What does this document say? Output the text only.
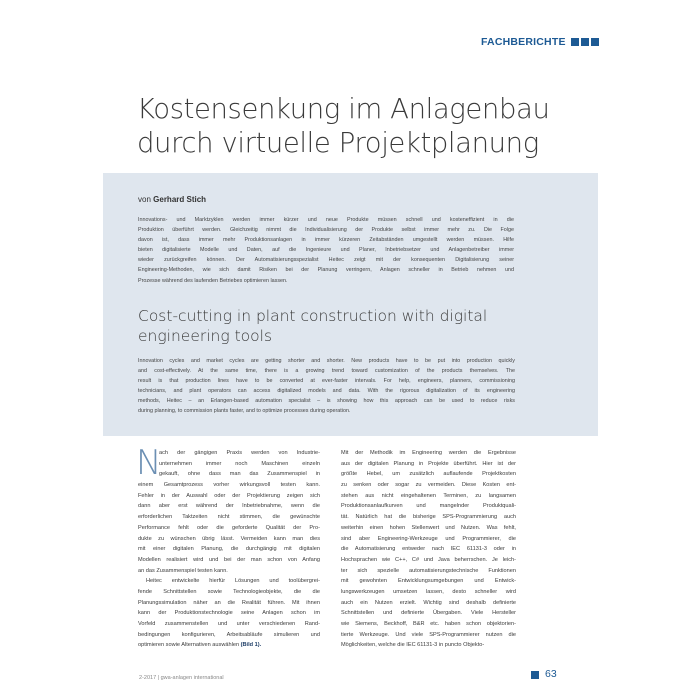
FACHBERICHTE
Kostensenkung im Anlagenbau
durch virtuelle Projektplanung
von Gerhard Stich
Innovations- und Marktzyklen werden immer kürzer und neue Produkte müssen schnell und kosteneffizient in die
Produktion überführt werden. Gleichzeitig nimmt die Individualisierung der Produkte selbst immer mehr zu. Die Folge
davon ist, dass immer mehr Produktionsanlagen in immer kürzeren Zeitabständen umgestellt werden müssen. Hilfe
bieten digitalisierte Modelle und Daten, auf die Ingenieure und Planer, Inbetriebsetzer und Anlagenbetreiber immer
wieder zurückgreifen können. Der Automatisierungsspezialist Heitec zeigt mit der konsequenten Digitalisierung seiner
Engineering-Methoden, wie sich damit Risiken bei der Planung verringern, Anlagen schneller in Betrieb nehmen und
Prozesse während des laufenden Betriebes optimieren lassen.
Cost-cutting in plant construction with digital
engineering tools
Innovation cycles and market cycles are getting shorter and shorter. New products have to be put into production quickly
and cost-effectively. At the same time, there is a growing trend toward customization of the products themselves. The
result is that production lines have to be converted at ever-faster intervals. For help, engineers, planners, commissioning
technicians, and plant operators can access digitalized models and data. With the rigorous digitalization of its engineering
methods, Heitec – an Erlangen-based automation specialist – is showing how this approach can be used to reduce risks
during planning, to commission plants faster, and to optimize processes during operation.
N
ach der gängigen Praxis werden von Industrie-
unternehmen immer noch Maschinen einzeln
gekauft, ohne dass man das Zusammenspiel in
einem Gesamtprozess vorher wirkungsvoll testen kann.
Fehler in der Auswahl oder der Projektierung zeigen sich
dann aber erst während der Inbetriebnahme, wenn die
erforderlichen Taktzeiten nicht stimmen, die gewünschte
Performance fehlt oder die geforderte Qualität der Pro-
dukte zu wünschen übrig lässt. Vermeiden kann man dies
mit einer digitalen Planung, die durchgängig mit digitalen
Modellen realisiert wird und bei der man schon von Anfang
an das Zusammenspiel testen kann.
Heitec entwickelte hierfür Lösungen und toolübergrei-
fende Schnittstellen sowie Technologieobjekte, die die
Planungssimulation näher an die Realität führen. Mit ihnen
kann der Produktionstechnologie seine Anlagen schon im
Vorfeld zusammenstellen und unter verschiedenen Rand-
bedingungen konfigurieren, Arbeitsabläufe simulieren und
optimieren sowie Alternativen auswählen (Bild 1).
Mit der Methodik im Engineering werden die Ergebnisse
aus der digitalen Planung in Projekte überführt. Hier ist der
größte Hebel, um zusätzlich auflaufende Projektkosten
zu senken oder sogar zu vermeiden. Diese Kosten ent-
stehen aus nicht eingehaltenen Terminen, zu langsamen
Produktionsanlaufkurven und mangelnder Produktquali-
tät. Natürlich hat die bisherige SPS-Programmierung auch
weiterhin einen hohen Stellenwert und Nutzen. Was fehlt,
sind aber Engineering-Werkzeuge und Programmierer, die
die Automatisierung entweder nach IEC 61131-3 oder in
Hochsprachen wie C++, C# und Java beherrschen. Je leich-
ter sich spezielle automatisierungstechnische Funktionen
mit gewohnten Entwicklungsumgebungen und Entwick-
lungswerkzeugen umsetzen lassen, desto schneller wird
auch ein Nutzen erzielt. Wichtig sind deshalb definierte
Schnittstellen und definierte Übergaben. Viele Hersteller
wie Siemens, Beckhoff, B&R etc. haben schon objektorien-
tierte Werkzeuge. Und viele SPS-Programmierer nutzen die
Möglichkeiten, welche die IEC 61131-3 in puncto Objekto-
2-2017 | gwa-anlagen international	63
